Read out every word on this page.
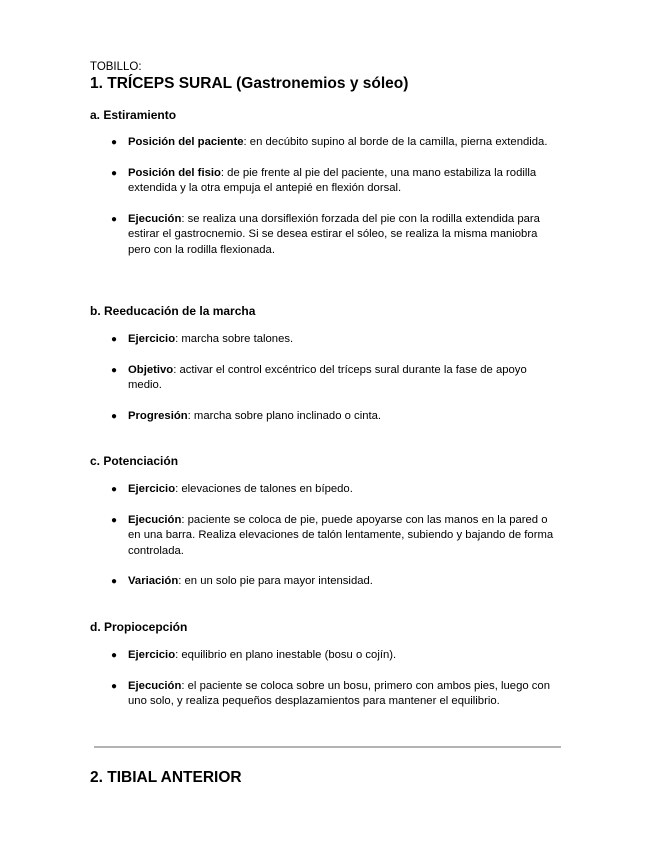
TOBILLO:

1. TRÍCEPS SURAL (Gastronemios y sóleo)
a. Estiramiento
● Posición del paciente: en decúbito supino al borde de la camilla, pierna extendida.
● Posición del fisio: de pie frente al pie del paciente, una mano estabiliza la rodilla extendida y la otra empuja el antepié en flexión dorsal.
● Ejecución: se realiza una dorsiflexión forzada del pie con la rodilla extendida para estirar el gastrocnemio. Si se desea estirar el sóleo, se realiza la misma maniobra pero con la rodilla flexionada.
b. Reeducación de la marcha
● Ejercicio: marcha sobre talones.
● Objetivo: activar el control excéntrico del tríceps sural durante la fase de apoyo medio.
● Progresión: marcha sobre plano inclinado o cinta.
c. Potenciación
● Ejercicio: elevaciones de talones en bípedo.
● Ejecución: paciente se coloca de pie, puede apoyarse con las manos en la pared o en una barra. Realiza elevaciones de talón lentamente, subiendo y bajando de forma controlada.
● Variación: en un solo pie para mayor intensidad.
d. Propiocepción
● Ejercicio: equilibrio en plano inestable (bosu o cojín).
● Ejecución: el paciente se coloca sobre un bosu, primero con ambos pies, luego con uno solo, y realiza pequeños desplazamientos para mantener el equilibrio.
2. TIBIAL ANTERIOR
